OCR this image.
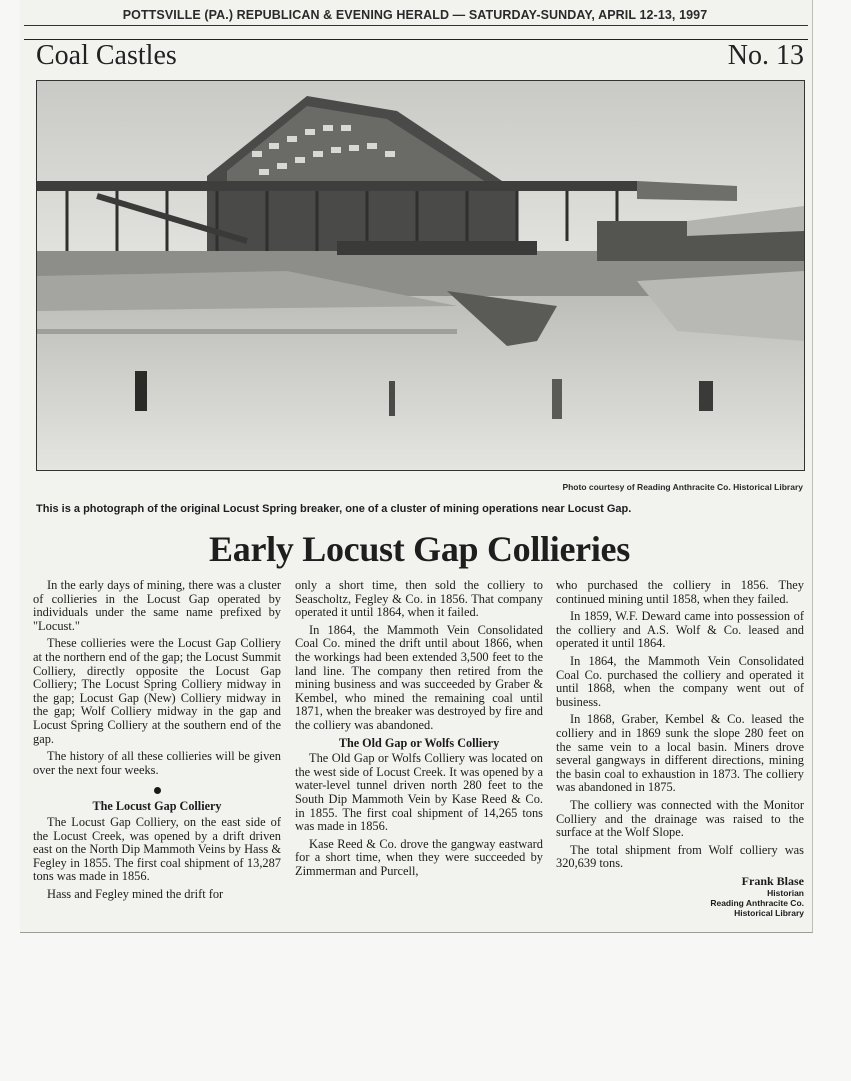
POTTSVILLE (PA.) REPUBLICAN & EVENING HERALD — SATURDAY-SUNDAY, APRIL 12-13, 1997
Coal Castles	No. 13
Photo courtesy of Reading Anthracite Co. Historical Library
This is a photograph of the original Locust Spring breaker, one of a cluster of mining operations near Locust Gap.
Early Locust Gap Collieries

In the early days of mining, there was a cluster of collieries in the Locust Gap operated by individuals under the same name prefixed by "Locust."

These collieries were the Locust Gap Colliery at the northern end of the gap; the Locust Summit Colliery, directly opposite the Locust Gap Colliery; The Locust Spring Colliery midway in the gap; Locust Gap (New) Colliery midway in the gap; Wolf Colliery midway in the gap and Locust Spring Colliery at the southern end of the gap.

The history of all these collieries will be given over the next four weeks.

The Locust Gap Colliery

The Locust Gap Colliery, on the east side of the Locust Creek, was opened by a drift driven east on the North Dip Mammoth Veins by Hass & Fegley in 1855. The first coal shipment of 13,287 tons was made in 1856.

Hass and Fegley mined the drift for

only a short time, then sold the colliery to Seascholtz, Fegley & Co. in 1856. That company operated it until 1864, when it failed.

In 1864, the Mammoth Vein Consolidated Coal Co. mined the drift until about 1866, when the workings had been extended 3,500 feet to the land line. The company then retired from the mining business and was succeeded by Graber & Kembel, who mined the remaining coal until 1871, when the breaker was destroyed by fire and the colliery was abandoned.

The Old Gap or Wolfs Colliery

The Old Gap or Wolfs Colliery was located on the west side of Locust Creek. It was opened by a water-level tunnel driven north 280 feet to the South Dip Mammoth Vein by Kase Reed & Co. in 1855. The first coal shipment of 14,265 tons was made in 1856.

Kase Reed & Co. drove the gangway eastward for a short time, when they were succeeded by Zimmerman and Purcell,

who purchased the colliery in 1856. They continued mining until 1858, when they failed.

In 1859, W.F. Deward came into possession of the colliery and A.S. Wolf & Co. leased and operated it until 1864.

In 1864, the Mammoth Vein Consolidated Coal Co. purchased the colliery and operated it until 1868, when the company went out of business.

In 1868, Graber, Kembel & Co. leased the colliery and in 1869 sunk the slope 280 feet on the same vein to a local basin. Miners drove several gangways in different directions, mining the basin coal to exhaustion in 1873. The colliery was abandoned in 1875.

The colliery was connected with the Monitor Colliery and the drainage was raised to the surface at the Wolf Slope.

The total shipment from Wolf colliery was 320,639 tons.

Frank Blase
Historian
Reading Anthracite Co.
Historical Library
